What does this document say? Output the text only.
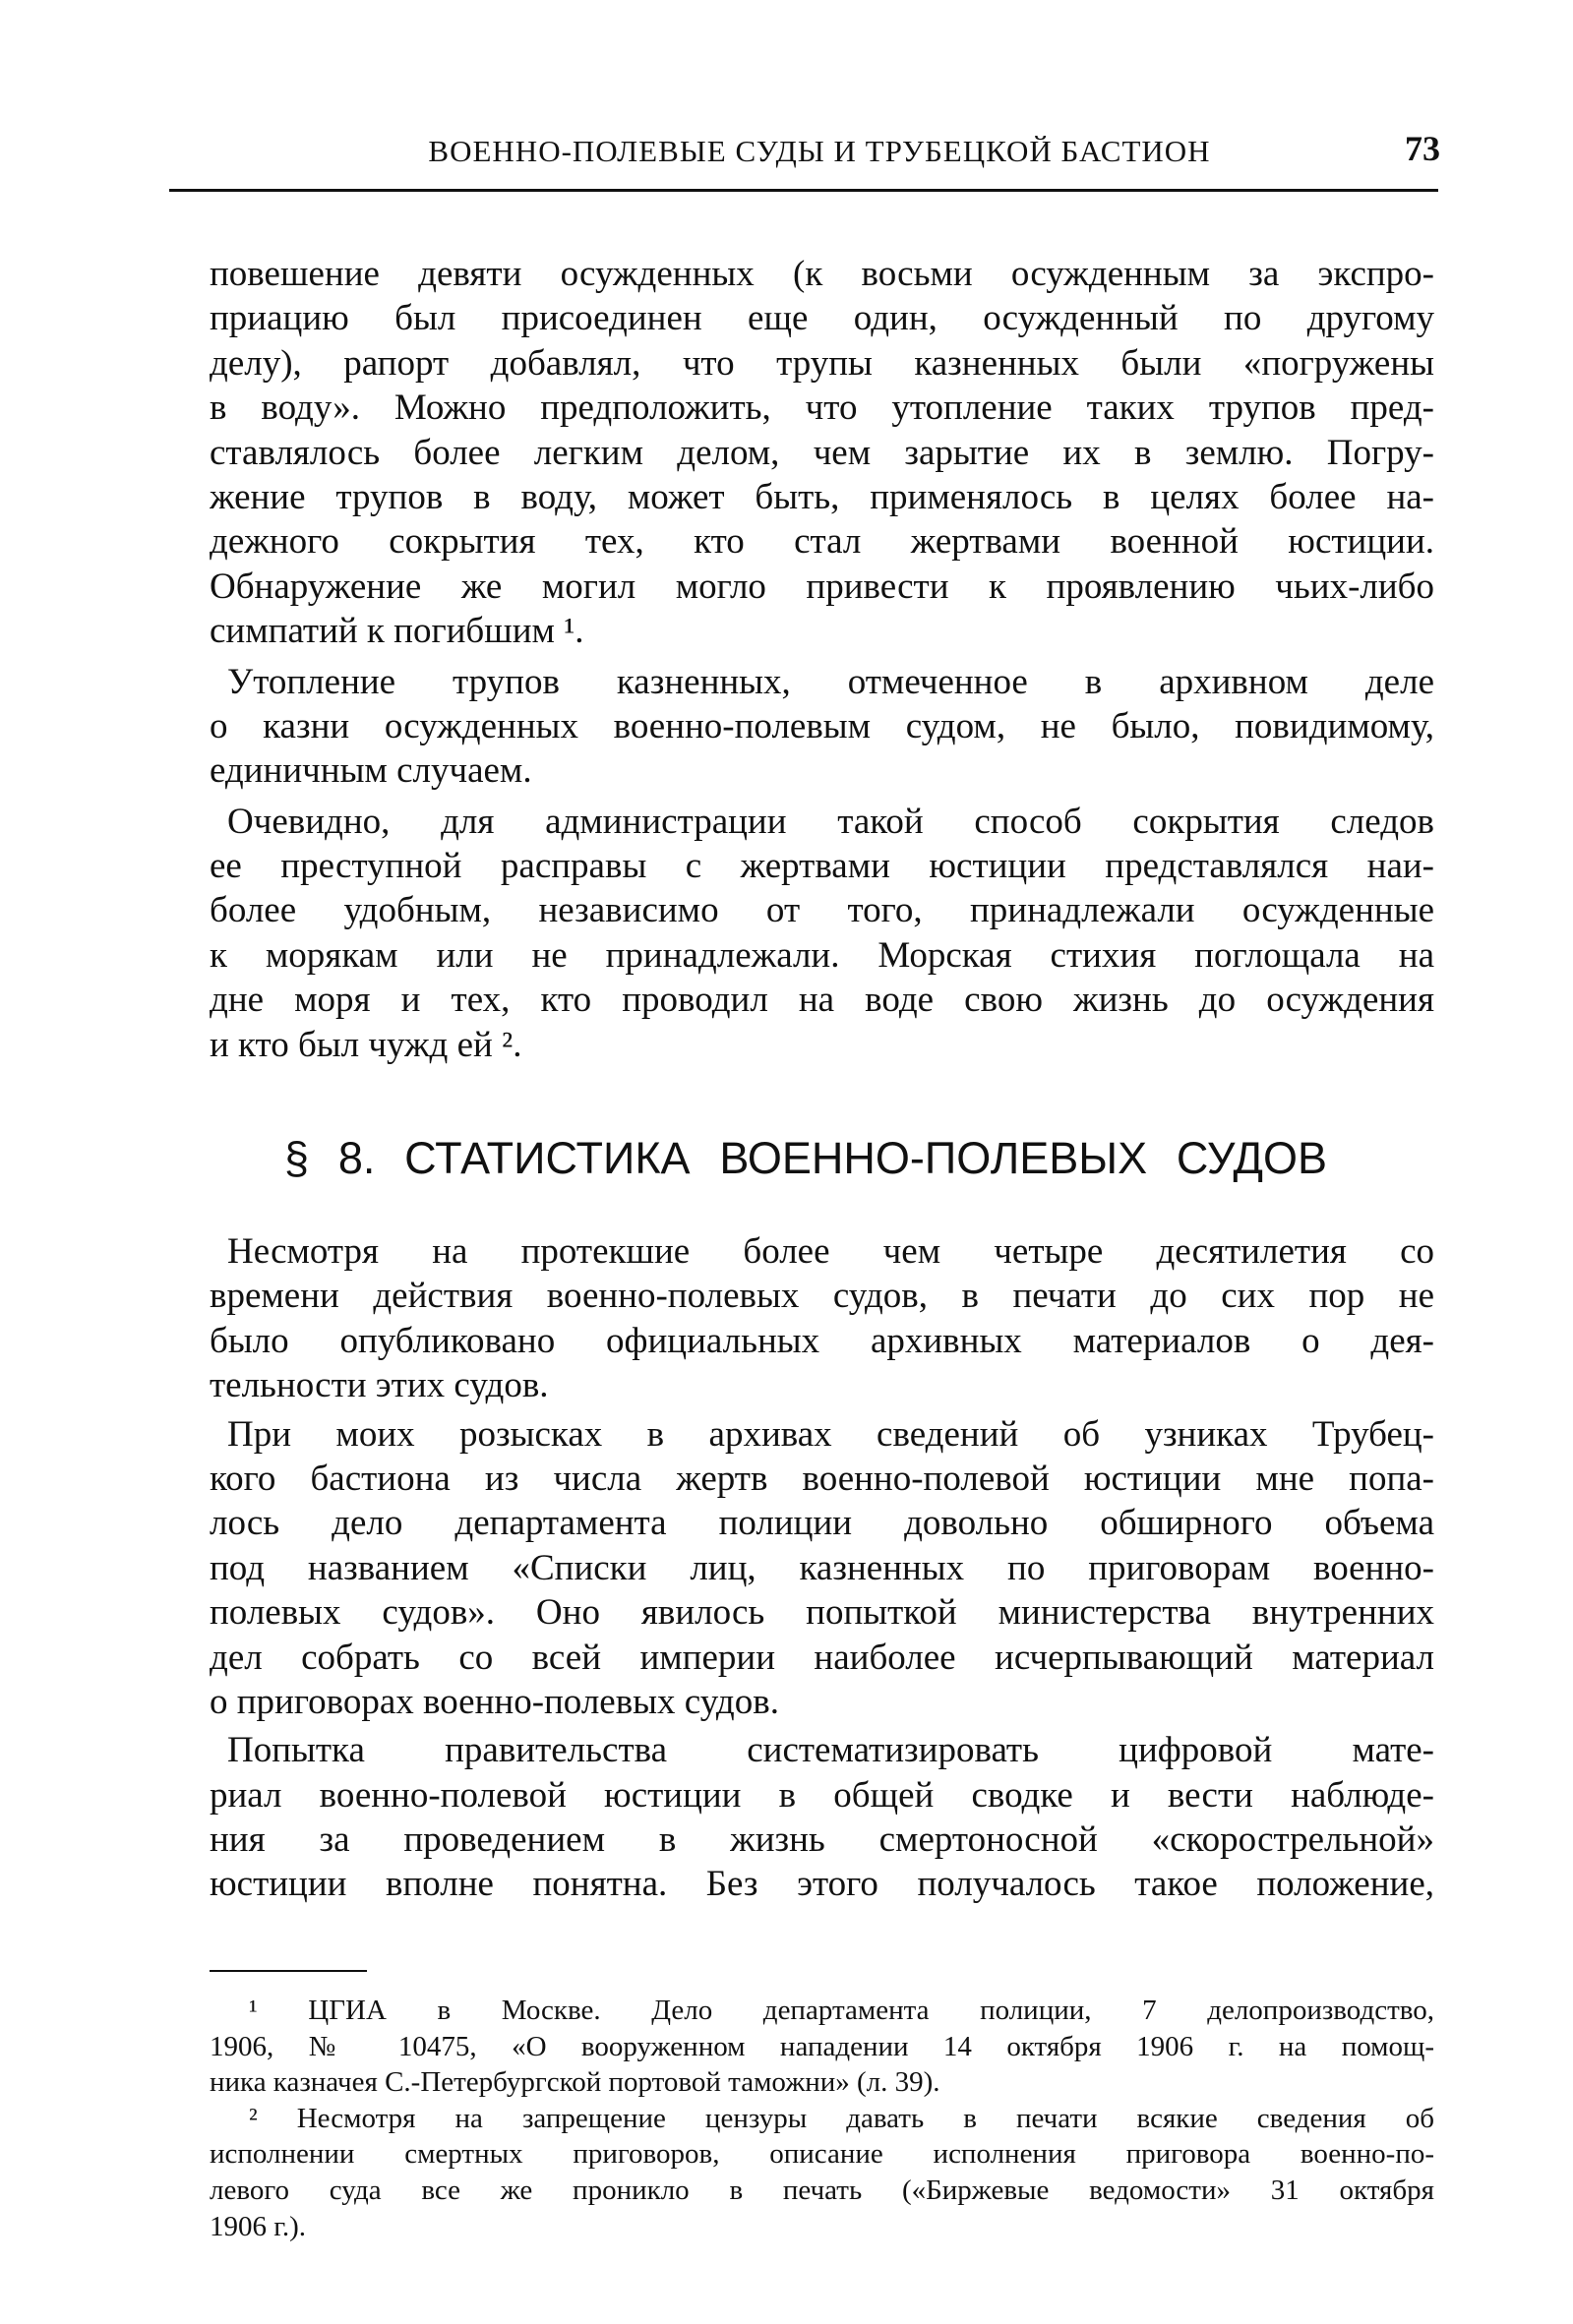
ВОЕННО-ПОЛЕВЫЕ СУДЫ И ТРУБЕЦКОЙ БАСТИОН	73
повешение девяти осужденных (к восьми осужденным за экспро-
приацию был присоединен еще один, осужденный по другому
делу), рапорт добавлял, что трупы казненных были «погружены
в воду». Можно предположить, что утопление таких трупов пред-
ставлялось более легким делом, чем зарытие их в землю. Погру-
жение трупов в воду, может быть, применялось в целях более на-
дежного сокрытия тех, кто стал жертвами военной юстиции.
Обнаружение же могил могло привести к проявлению чьих-либо
симпатий к погибшим ¹.
Утопление трупов казненных, отмеченное в архивном деле
о казни осужденных военно-полевым судом, не было, повидимому,
единичным случаем.
Очевидно, для администрации такой способ сокрытия следов
ее преступной расправы с жертвами юстиции представлялся наи-
более удобным, независимо от того, принадлежали осужденные
к морякам или не принадлежали. Морская стихия поглощала на
дне моря и тех, кто проводил на воде свою жизнь до осуждения
и кто был чужд ей ².
§ 8. СТАТИСТИКА ВОЕННО-ПОЛЕВЫХ СУДОВ
Несмотря на протекшие более чем четыре десятилетия со
времени действия военно-полевых судов, в печати до сих пор не
было опубликовано официальных архивных материалов о дея-
тельности этих судов.
При моих розысках в архивах сведений об узниках Трубец-
кого бастиона из числа жертв военно-полевой юстиции мне попа-
лось дело департамента полиции довольно обширного объема
под названием «Списки лиц, казненных по приговорам военно-
полевых судов». Оно явилось попыткой министерства внутренних
дел собрать со всей империи наиболее исчерпывающий материал
о приговорах военно-полевых судов.
Попытка правительства систематизировать цифровой мате-
риал военно-полевой юстиции в общей сводке и вести наблюде-
ния за проведением в жизнь смертоносной «скорострельной»
юстиции вполне понятна. Без этого получалось такое положение,
¹ ЦГИА в Москве. Дело департамента полиции, 7 делопроизводство,
1906, № 10475, «О вооруженном нападении 14 октября 1906 г. на помощ-
ника казначея С.-Петербургской портовой таможни» (л. 39).
² Несмотря на запрещение цензуры давать в печати всякие сведения об
исполнении смертных приговоров, описание исполнения приговора военно-по-
левого суда все же проникло в печать («Биржевые ведомости» 31 октября
1906 г.).
